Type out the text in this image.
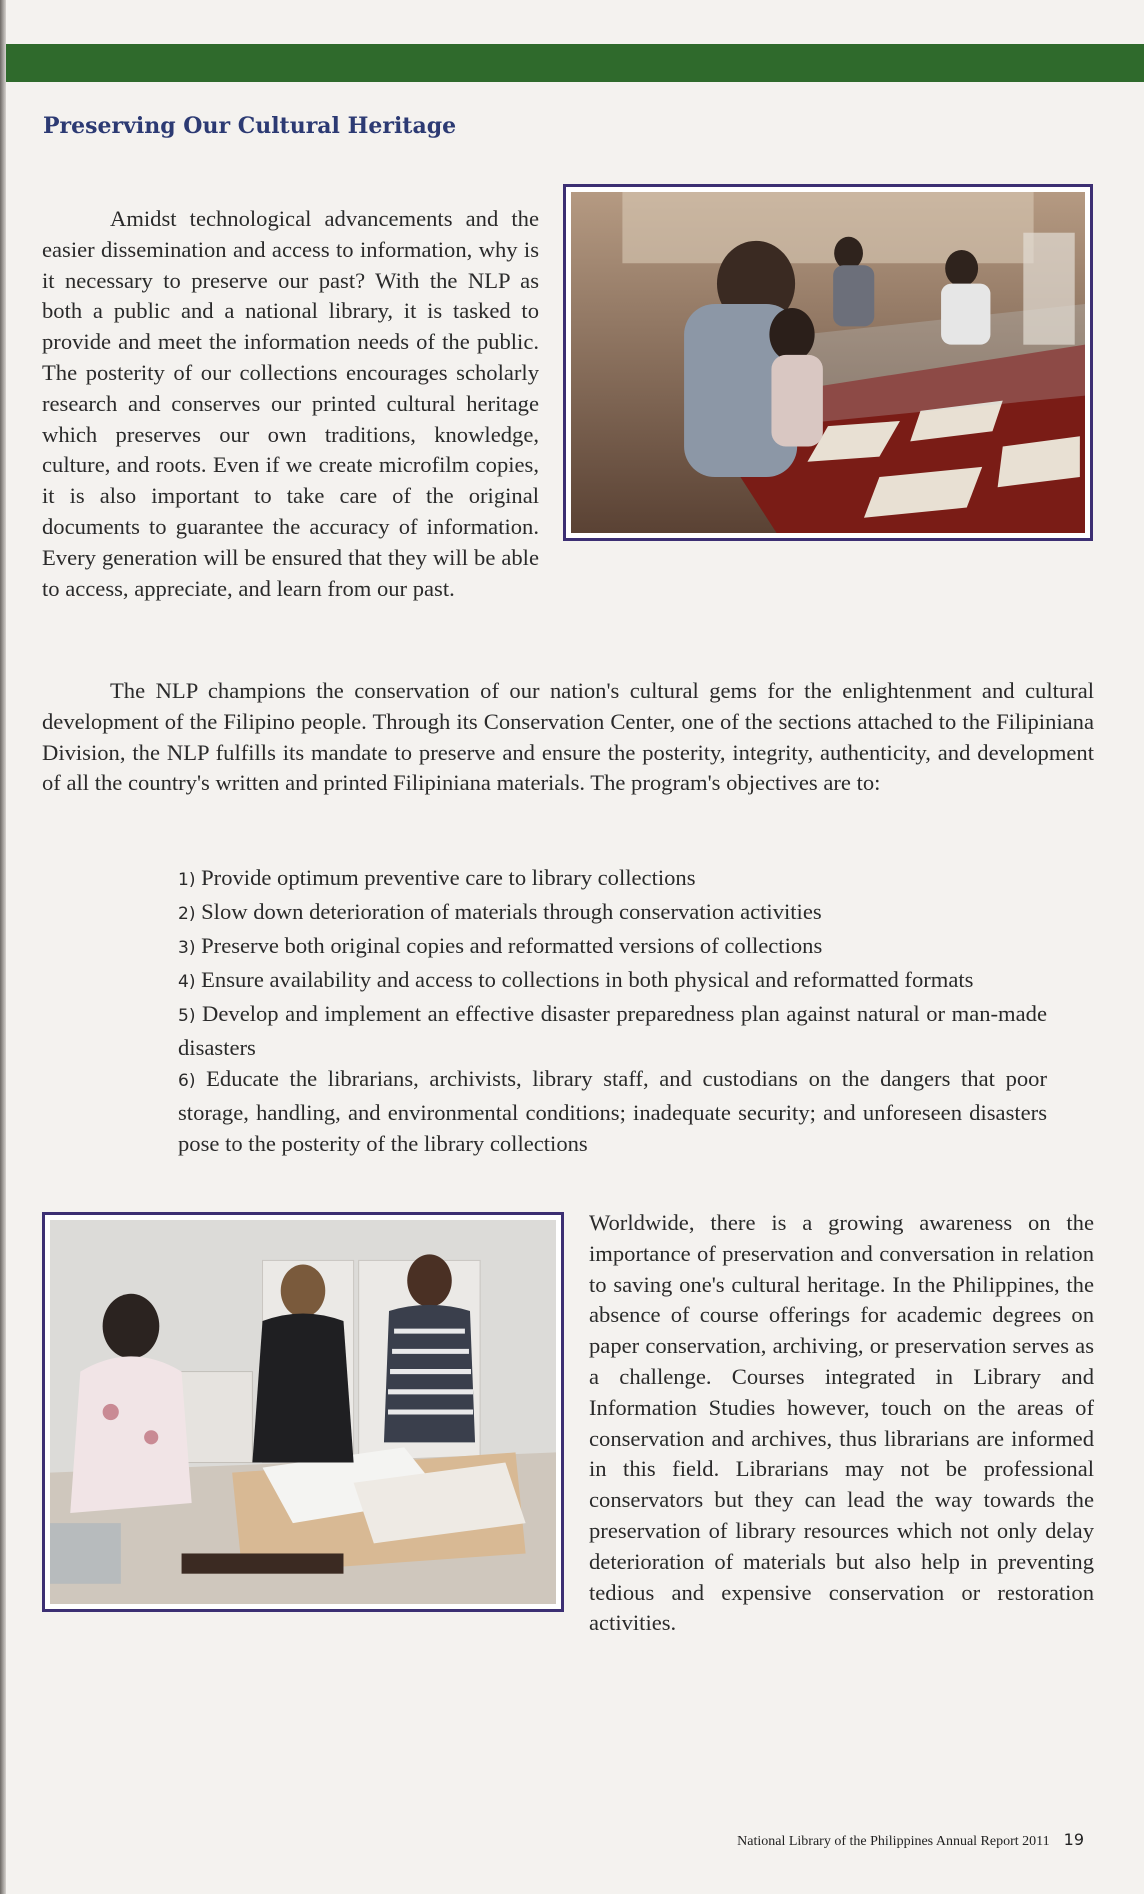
Preserving Our Cultural Heritage
Amidst technological advancements and the easier dissemination and access to information, why is it necessary to preserve our past? With the NLP as both a public and a national library, it is tasked to provide and meet the information needs of the public. The posterity of our collections encourages scholarly research and conserves our printed cultural heritage which preserves our own traditions, knowledge, culture, and roots. Even if we create microfilm copies, it is also important to take care of the original documents to guarantee the accuracy of information. Every generation will be ensured that they will be able to access, appreciate, and learn from our past.

The NLP champions the conservation of our nation's cultural gems for the enlightenment and cultural development of the Filipino people. Through its Conservation Center, one of the sections attached to the Filipiniana Division, the NLP fulfills its mandate to preserve and ensure the posterity, integrity, authenticity, and development of all the country's written and printed Filipiniana materials. The program's objectives are to:

1) Provide optimum preventive care to library collections
2) Slow down deterioration of materials through conservation activities
3) Preserve both original copies and reformatted versions of collections
4) Ensure availability and access to collections in both physical and reformatted formats
5) Develop and implement an effective disaster preparedness plan against natural or man-made disasters
6) Educate the librarians, archivists, library staff, and custodians on the dangers that poor storage, handling, and environmental conditions; inadequate security; and unforeseen disasters pose to the posterity of the library collections
Worldwide, there is a growing awareness on the importance of preservation and conversation in relation to saving one's cultural heritage. In the Philippines, the absence of course offerings for academic degrees on paper conservation, archiving, or preservation serves as a challenge. Courses integrated in Library and Information Studies however, touch on the areas of conservation and archives, thus librarians are informed in this field. Librarians may not be professional conservators but they can lead the way towards the preservation of library resources which not only delay deterioration of materials but also help in preventing tedious and expensive conservation or restoration activities.

National Library of the Philippines Annual Report 2011 19
